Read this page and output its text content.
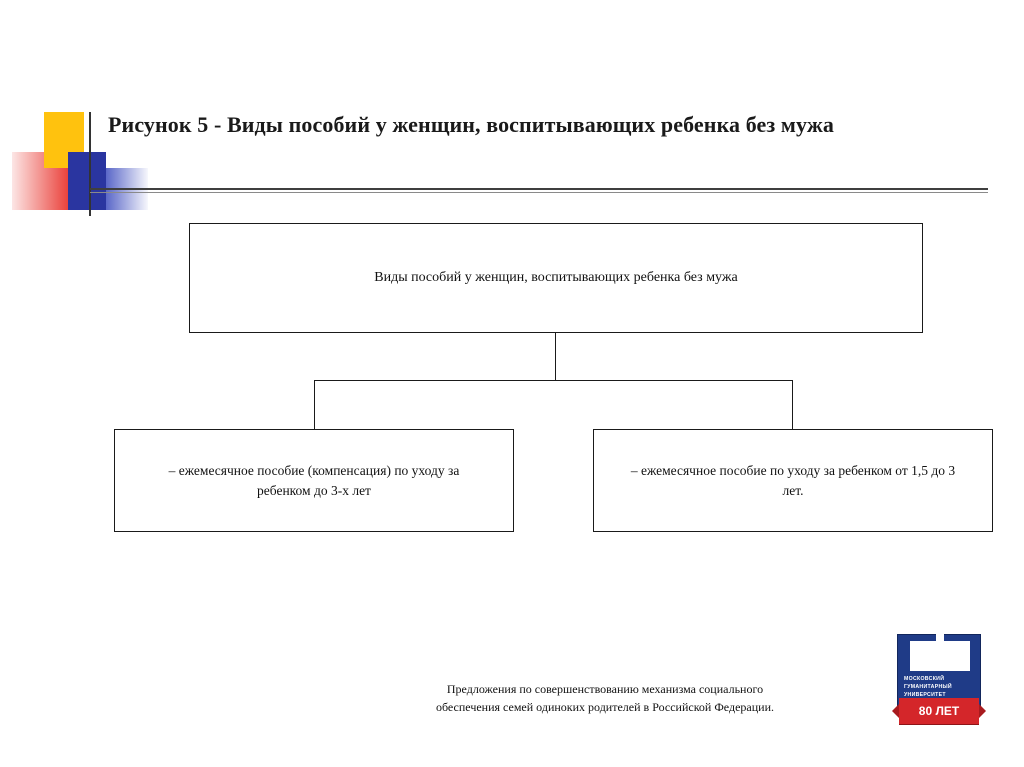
Рисунок 5 - Виды пособий у женщин, воспитывающих ребенка без мужа
Виды пособий у женщин, воспитывающих ребенка без мужа
– ежемесячное пособие (компенсация) по уходу за ребенком до 3-х лет
– ежемесячное пособие по уходу за ребенком от 1,5 до 3 лет.
Предложения по совершенствованию механизма социального
обеспечения семей одиноких родителей в Российской Федерации.
МОСКОВСКИЙ
ГУМАНИТАРНЫЙ
УНИВЕРСИТЕТ
80 ЛЕТ
